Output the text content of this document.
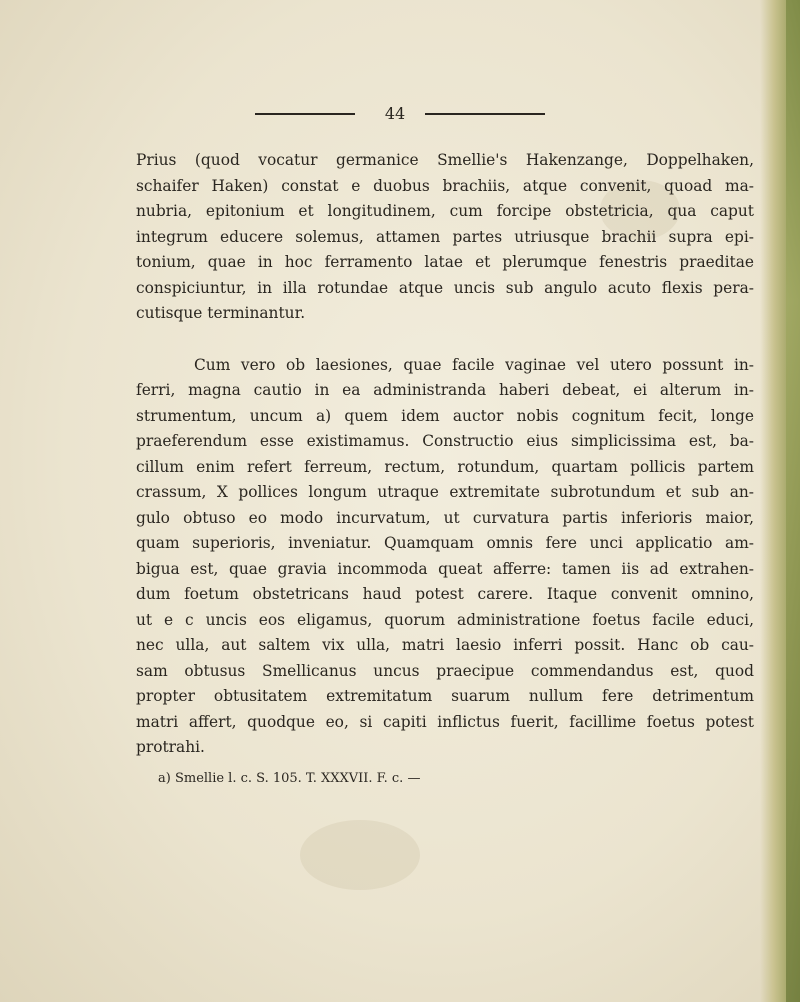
44
Prius (quod vocatur germanice Smellie's Hakenzange, Doppelhaken,
schaifer Haken) constat e duobus brachiis, atque convenit, quoad ma-
nubria, epitonium et longitudinem, cum forcipe obstetricia, qua caput
integrum educere solemus, attamen partes utriusque brachii supra epi-
tonium, quae in hoc ferramento latae et plerumque fenestris praeditae
conspiciuntur, in illa rotundae atque uncis sub angulo acuto flexis pera-
cutisque terminantur.
Cum vero ob laesiones, quae facile vaginae vel utero possunt in-
ferri, magna cautio in ea administranda haberi debeat, ei alterum in-
strumentum, uncum a) quem idem auctor nobis cognitum fecit, longe
praeferendum esse existimamus. Constructio eius simplicissima est, ba-
cillum enim refert ferreum, rectum, rotundum, quartam pollicis partem
crassum, X pollices longum utraque extremitate subrotundum et sub an-
gulo obtuso eo modo incurvatum, ut curvatura partis inferioris maior,
quam superioris, inveniatur. Quamquam omnis fere unci applicatio am-
bigua est, quae gravia incommoda queat afferre: tamen iis ad extrahen-
dum foetum obstetricans haud potest carere. Itaque convenit omnino,
ut e c uncis eos eligamus, quorum administratione foetus facile educi,
nec ulla, aut saltem vix ulla, matri laesio inferri possit. Hanc ob cau-
sam obtusus Smellicanus uncus praecipue commendandus est, quod
propter obtusitatem extremitatum suarum nullum fere detrimentum
matri affert, quodque eo, si capiti inflictus fuerit, facillime foetus potest
protrahi.
a) Smellie l. c. S. 105. T. XXXVII. F. c. —
